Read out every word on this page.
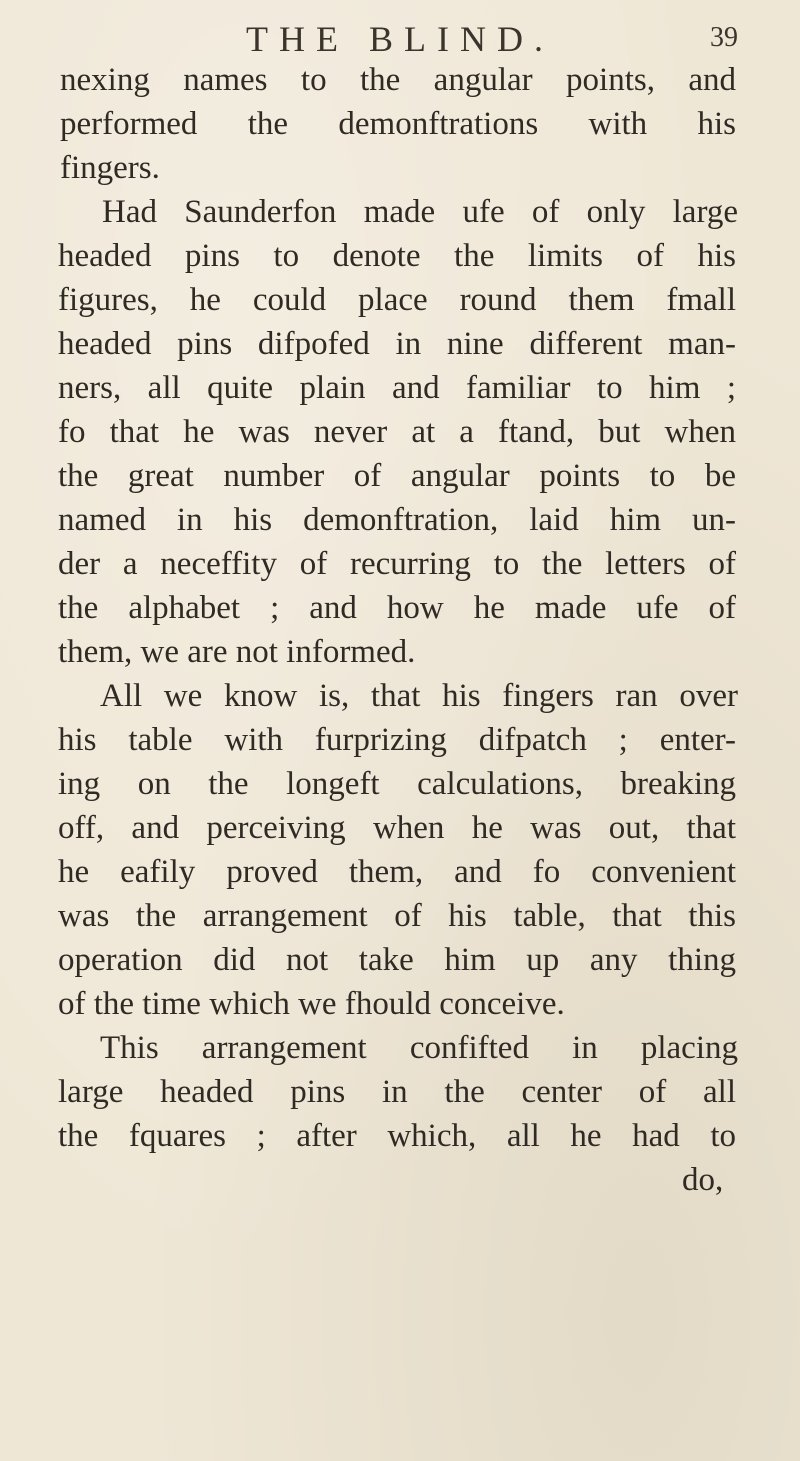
THE BLIND.	39
nexing names to the angular points, and
performed the demonftrations with his
fingers.
Had Saunderfon made ufe of only large
headed pins to denote the limits of his
figures, he could place round them fmall
headed pins difpofed in nine different man-
ners, all quite plain and familiar to him ;
fo that he was never at a ftand, but when
the great number of angular points to be
named in his demonftration, laid him un-
der a neceffity of recurring to the letters of
the alphabet ; and how he made ufe of
them, we are not informed.
All we know is, that his fingers ran over
his table with furprizing difpatch ; enter-
ing on the longeft calculations, breaking
off, and perceiving when he was out, that
he eafily proved them, and fo convenient
was the arrangement of his table, that this
operation did not take him up any thing
of the time which we fhould conceive.
This arrangement confifted in placing
large headed pins in the center of all
the fquares ; after which, all he had to
do,
